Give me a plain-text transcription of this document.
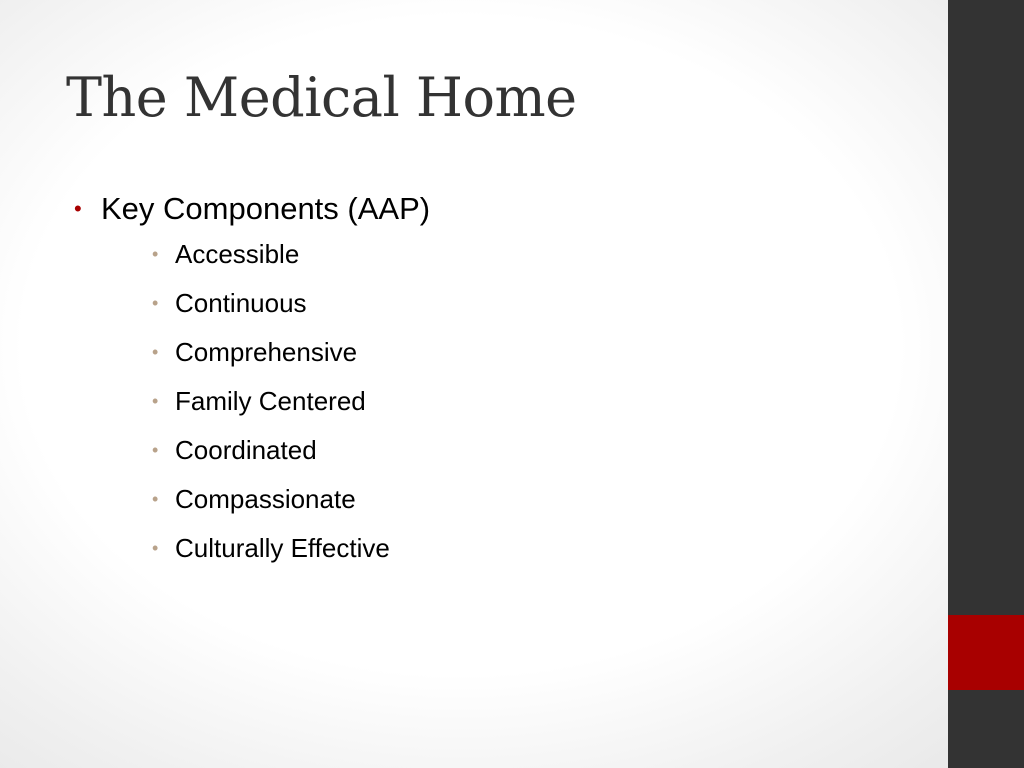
The Medical Home
• Key Components (AAP)
• Accessible
• Continuous
• Comprehensive
• Family Centered
• Coordinated
• Compassionate
• Culturally Effective
